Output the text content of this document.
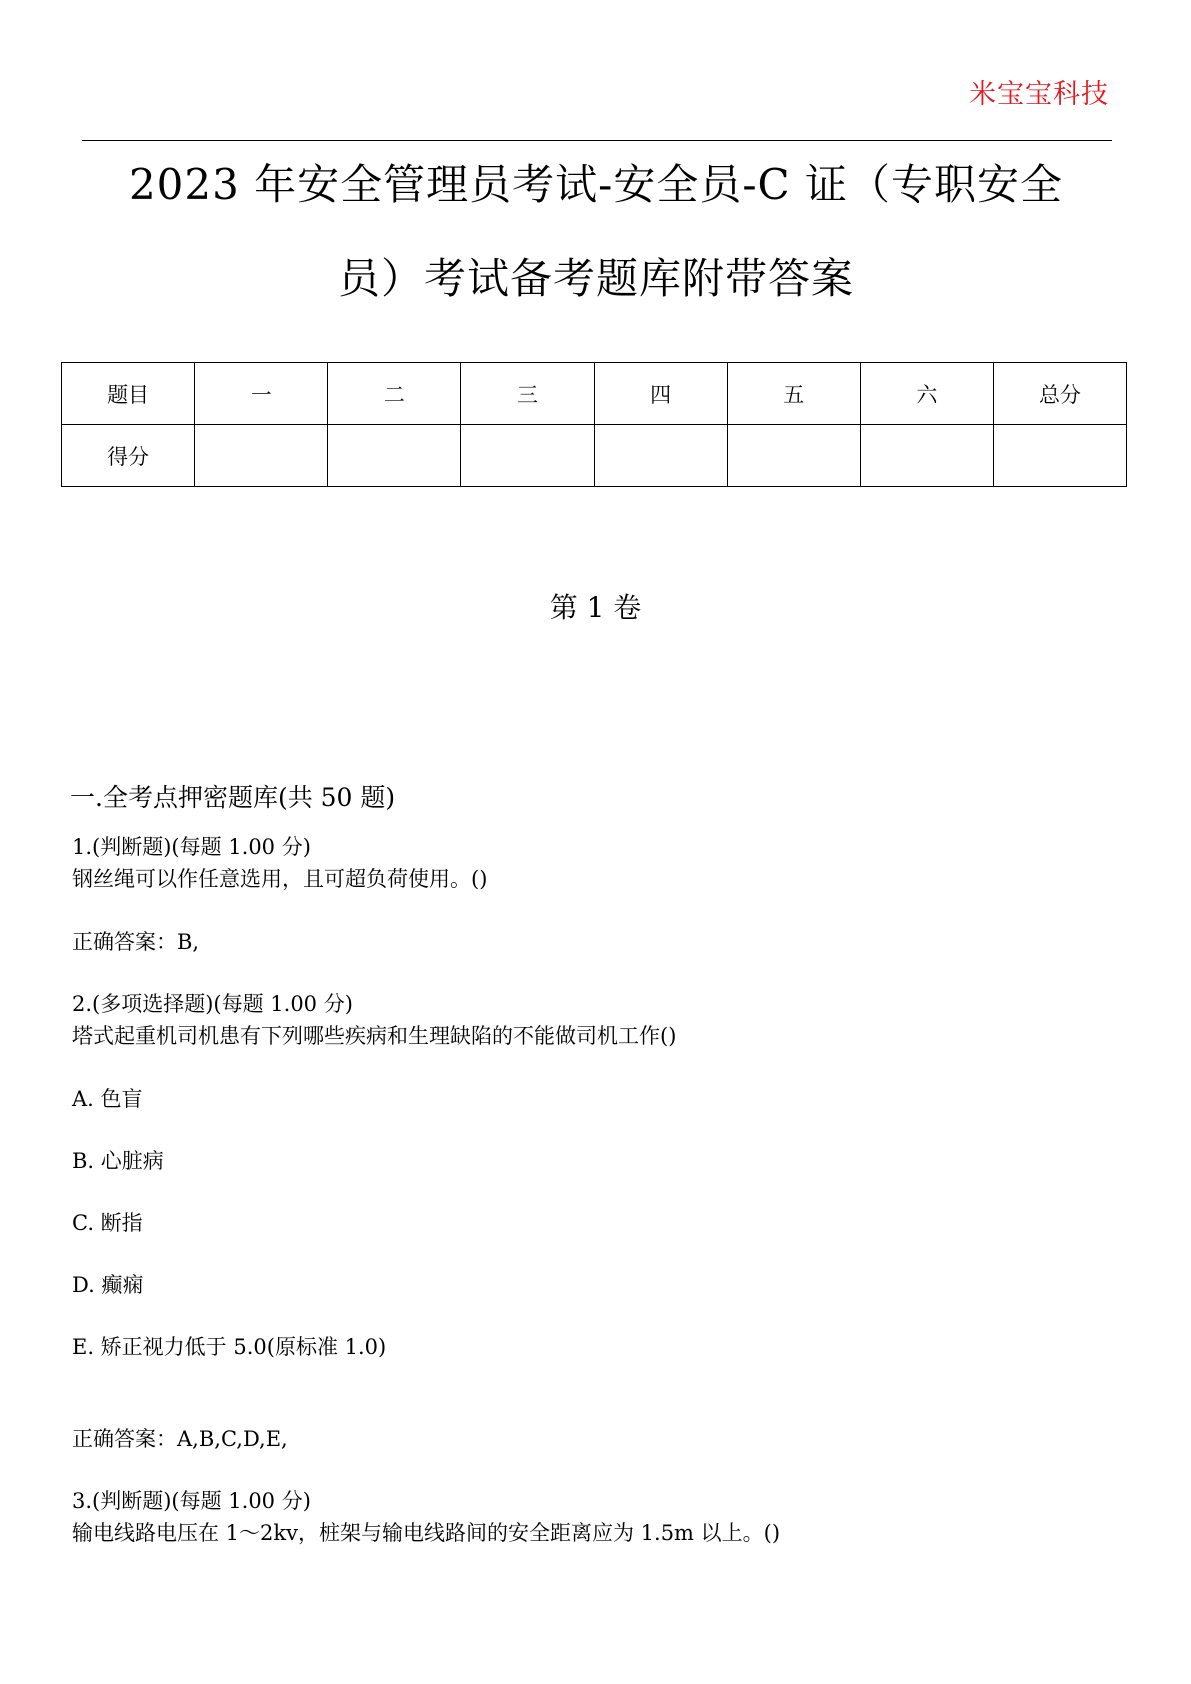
米宝宝科技
2023 年安全管理员考试-安全员-C 证（专职安全
员）考试备考题库附带答案
题目	一	二	三	四	五	六	总分
得分							
第 1 卷
一.全考点押密题库(共 50 题)
1.(判断题)(每题 1.00 分)
钢丝绳可以作任意选用，且可超负荷使用。()
正确答案：B,
2.(多项选择题)(每题 1.00 分)
塔式起重机司机患有下列哪些疾病和生理缺陷的不能做司机工作()
A. 色盲
B. 心脏病
C. 断指
D. 癫痫
E. 矫正视力低于 5.0(原标准 1.0)
正确答案：A,B,C,D,E,
3.(判断题)(每题 1.00 分)
输电线路电压在 1～2kv，桩架与输电线路间的安全距离应为 1.5m 以上。()
